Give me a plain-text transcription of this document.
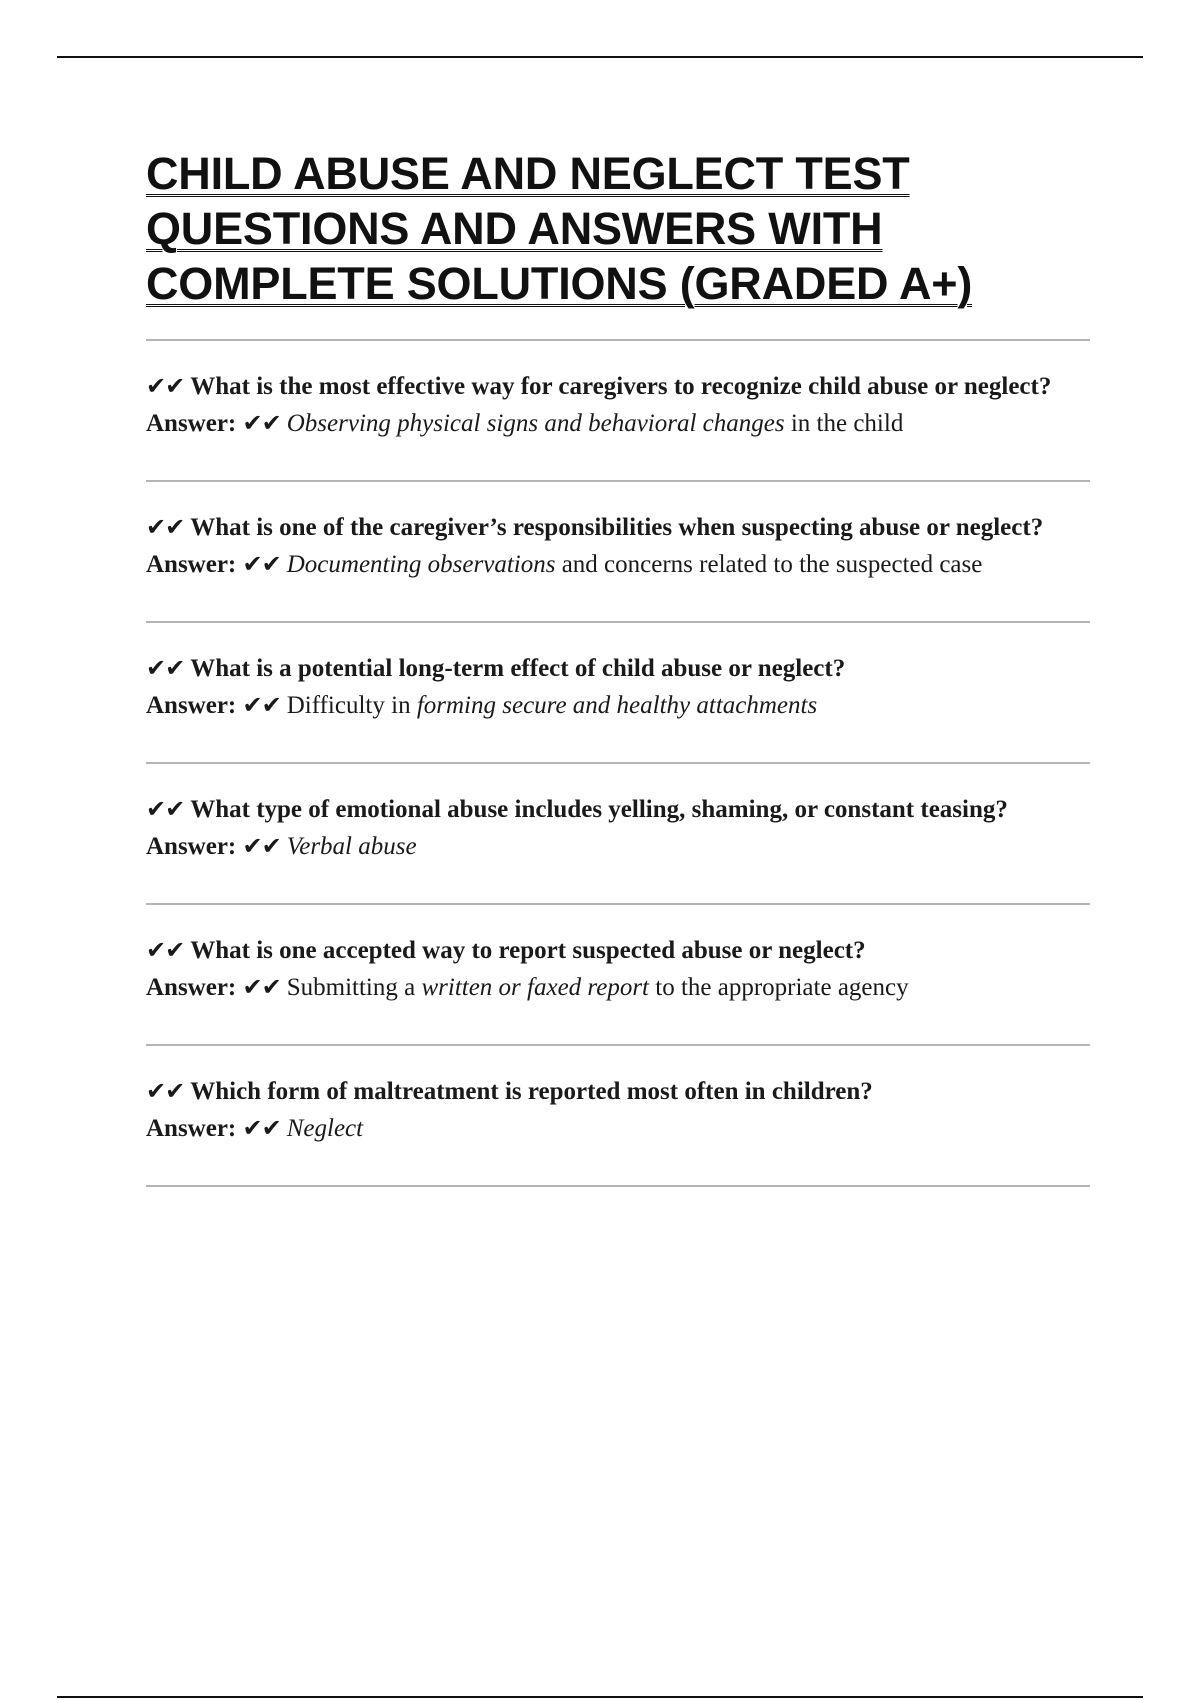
CHILD ABUSE AND NEGLECT TEST QUESTIONS AND ANSWERS WITH COMPLETE SOLUTIONS (GRADED A+)
✔✔ What is the most effective way for caregivers to recognize child abuse or neglect?
Answer: ✔✔ Observing physical signs and behavioral changes in the child
✔✔ What is one of the caregiver’s responsibilities when suspecting abuse or neglect?
Answer: ✔✔ Documenting observations and concerns related to the suspected case
✔✔ What is a potential long-term effect of child abuse or neglect?
Answer: ✔✔ Difficulty in forming secure and healthy attachments
✔✔ What type of emotional abuse includes yelling, shaming, or constant teasing?
Answer: ✔✔ Verbal abuse
✔✔ What is one accepted way to report suspected abuse or neglect?
Answer: ✔✔ Submitting a written or faxed report to the appropriate agency
✔✔ Which form of maltreatment is reported most often in children?
Answer: ✔✔ Neglect
